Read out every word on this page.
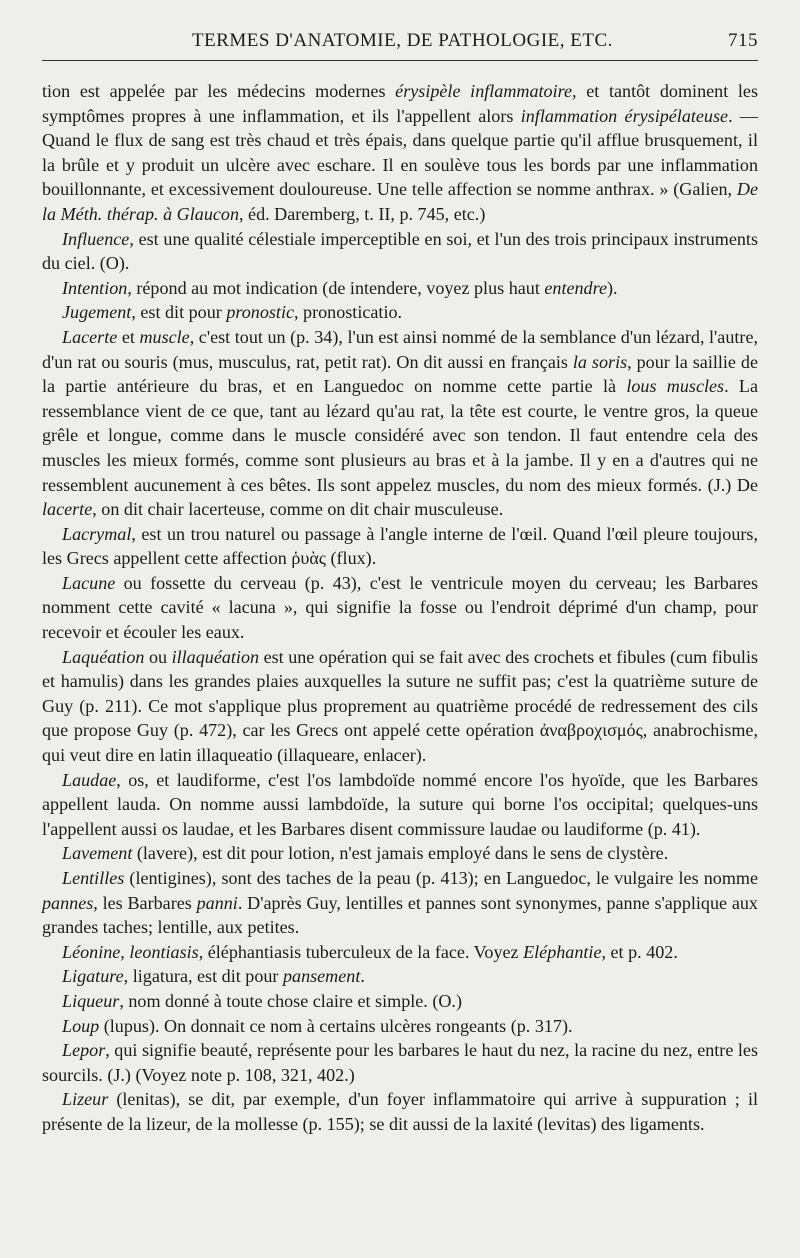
TERMES D'ANATOMIE, DE PATHOLOGIE, ETC.	715

tion est appelée par les médecins modernes érysipèle inflammatoire, et tantôt dominent les symptômes propres à une inflammation, et ils l'appellent alors inflammation érysipélateuse. — Quand le flux de sang est très chaud et très épais, dans quelque partie qu'il afflue brusquement, il la brûle et y produit un ulcère avec eschare. Il en soulève tous les bords par une inflammation bouillonnante, et excessivement douloureuse. Une telle affection se nomme anthrax. » (Galien, De la Méth. thérap. à Glaucon, éd. Daremberg, t. II, p. 745, etc.)

Influence, est une qualité célestiale imperceptible en soi, et l'un des trois principaux instruments du ciel. (O).

Intention, répond au mot indication (de intendere, voyez plus haut entendre).

Jugement, est dit pour pronostic, pronosticatio.

Lacerte et muscle, c'est tout un (p. 34), l'un est ainsi nommé de la semblance d'un lézard, l'autre, d'un rat ou souris (mus, musculus, rat, petit rat). On dit aussi en français la soris, pour la saillie de la partie antérieure du bras, et en Languedoc on nomme cette partie là lous muscles. La ressemblance vient de ce que, tant au lézard qu'au rat, la tête est courte, le ventre gros, la queue grêle et longue, comme dans le muscle considéré avec son tendon. Il faut entendre cela des muscles les mieux formés, comme sont plusieurs au bras et à la jambe. Il y en a d'autres qui ne ressemblent aucunement à ces bêtes. Ils sont appelez muscles, du nom des mieux formés. (J.) De lacerte, on dit chair lacerteuse, comme on dit chair musculeuse.

Lacrymal, est un trou naturel ou passage à l'angle interne de l'œil. Quand l'œil pleure toujours, les Grecs appellent cette affection ῥυὰς (flux).

Lacune ou fossette du cerveau (p. 43), c'est le ventricule moyen du cerveau; les Barbares nomment cette cavité « lacuna », qui signifie la fosse ou l'endroit déprimé d'un champ, pour recevoir et écouler les eaux.

Laquéation ou illaquéation est une opération qui se fait avec des crochets et fibules (cum fibulis et hamulis) dans les grandes plaies auxquelles la suture ne suffit pas; c'est la quatrième suture de Guy (p. 211). Ce mot s'applique plus proprement au quatrième procédé de redressement des cils que propose Guy (p. 472), car les Grecs ont appelé cette opération ἀναβροχισμός, anabrochisme, qui veut dire en latin illaqueatio (illaqueare, enlacer).

Laudae, os, et laudiforme, c'est l'os lambdoïde nommé encore l'os hyoïde, que les Barbares appellent lauda. On nomme aussi lambdoïde, la suture qui borne l'os occipital; quelques-uns l'appellent aussi os laudae, et les Barbares disent commissure laudae ou laudiforme (p. 41).

Lavement (lavere), est dit pour lotion, n'est jamais employé dans le sens de clystère.

Lentilles (lentigines), sont des taches de la peau (p. 413); en Languedoc, le vulgaire les nomme pannes, les Barbares panni. D'après Guy, lentilles et pannes sont synonymes, panne s'applique aux grandes taches; lentille, aux petites.

Léonine, leontiasis, éléphantiasis tuberculeux de la face. Voyez Eléphantie, et p. 402.

Ligature, ligatura, est dit pour pansement.

Liqueur, nom donné à toute chose claire et simple. (O.)

Loup (lupus). On donnait ce nom à certains ulcères rongeants (p. 317).

Lepor, qui signifie beauté, représente pour les barbares le haut du nez, la racine du nez, entre les sourcils. (J.) (Voyez note p. 108, 321, 402.)

Lizeur (lenitas), se dit, par exemple, d'un foyer inflammatoire qui arrive à suppuration ; il présente de la lizeur, de la mollesse (p. 155); se dit aussi de la laxité (levitas) des ligaments.
